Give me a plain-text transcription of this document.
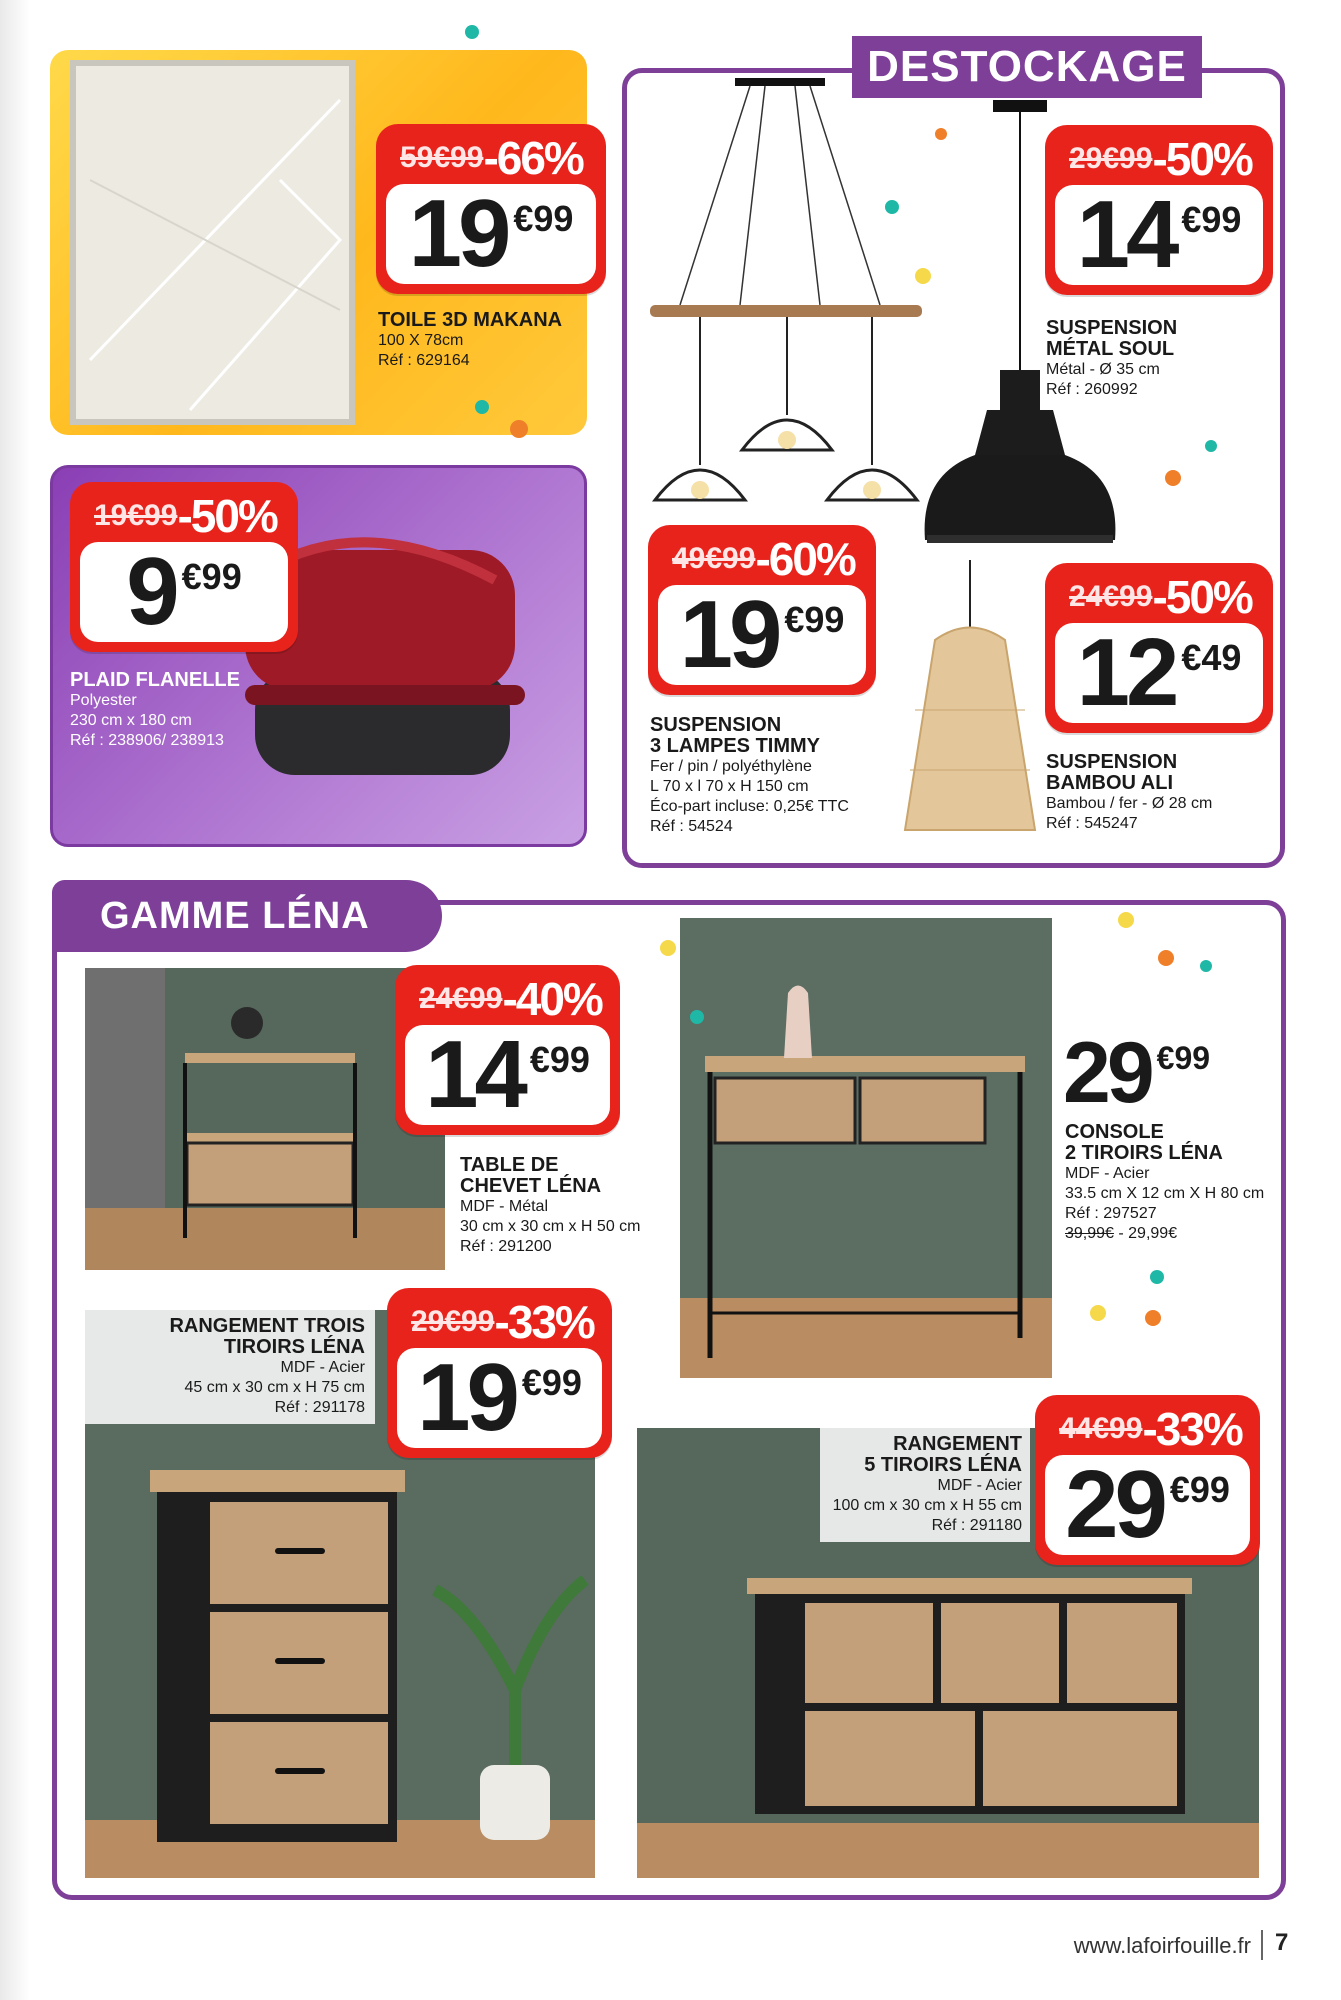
59€99 -66%
19 €99
TOILE 3D MAKANA
100 X 78cm
Réf : 629164
19€99 -50%
9 €99
PLAID FLANELLE
Polyester
230 cm x 180 cm
Réf : 238906/ 238913
DESTOCKAGE
29€99 -50%
14 €99
SUSPENSION
MÉTAL SOUL
Métal - Ø 35 cm
Réf : 260992
49€99 -60%
19 €99
SUSPENSION
3 LAMPES TIMMY
Fer / pin / polyéthylène
L 70 x l 70 x H 150 cm
Éco-part incluse: 0,25€ TTC
Réf : 54524
24€99 -50%
12 €49
SUSPENSION
BAMBOU ALI
Bambou / fer - Ø 28 cm
Réf : 545247
GAMME LÉNA
24€99 -40%
14 €99
TABLE DE
CHEVET LÉNA
MDF - Métal
30 cm x 30 cm x H 50 cm
Réf : 291200
29 €99
CONSOLE
2 TIROIRS LÉNA
MDF - Acier
33.5 cm X 12 cm X H 80 cm
Réf : 297527
39,99€ - 29,99€
RANGEMENT TROIS
TIROIRS LÉNA
MDF - Acier
45 cm x 30 cm x H 75 cm
Réf : 291178
29€99 -33%
19 €99
RANGEMENT
5 TIROIRS LÉNA
MDF - Acier
100 cm x 30 cm x H 55 cm
Réf : 291180
44€99 -33%
29 €99
www.lafoirfouille.fr 7
